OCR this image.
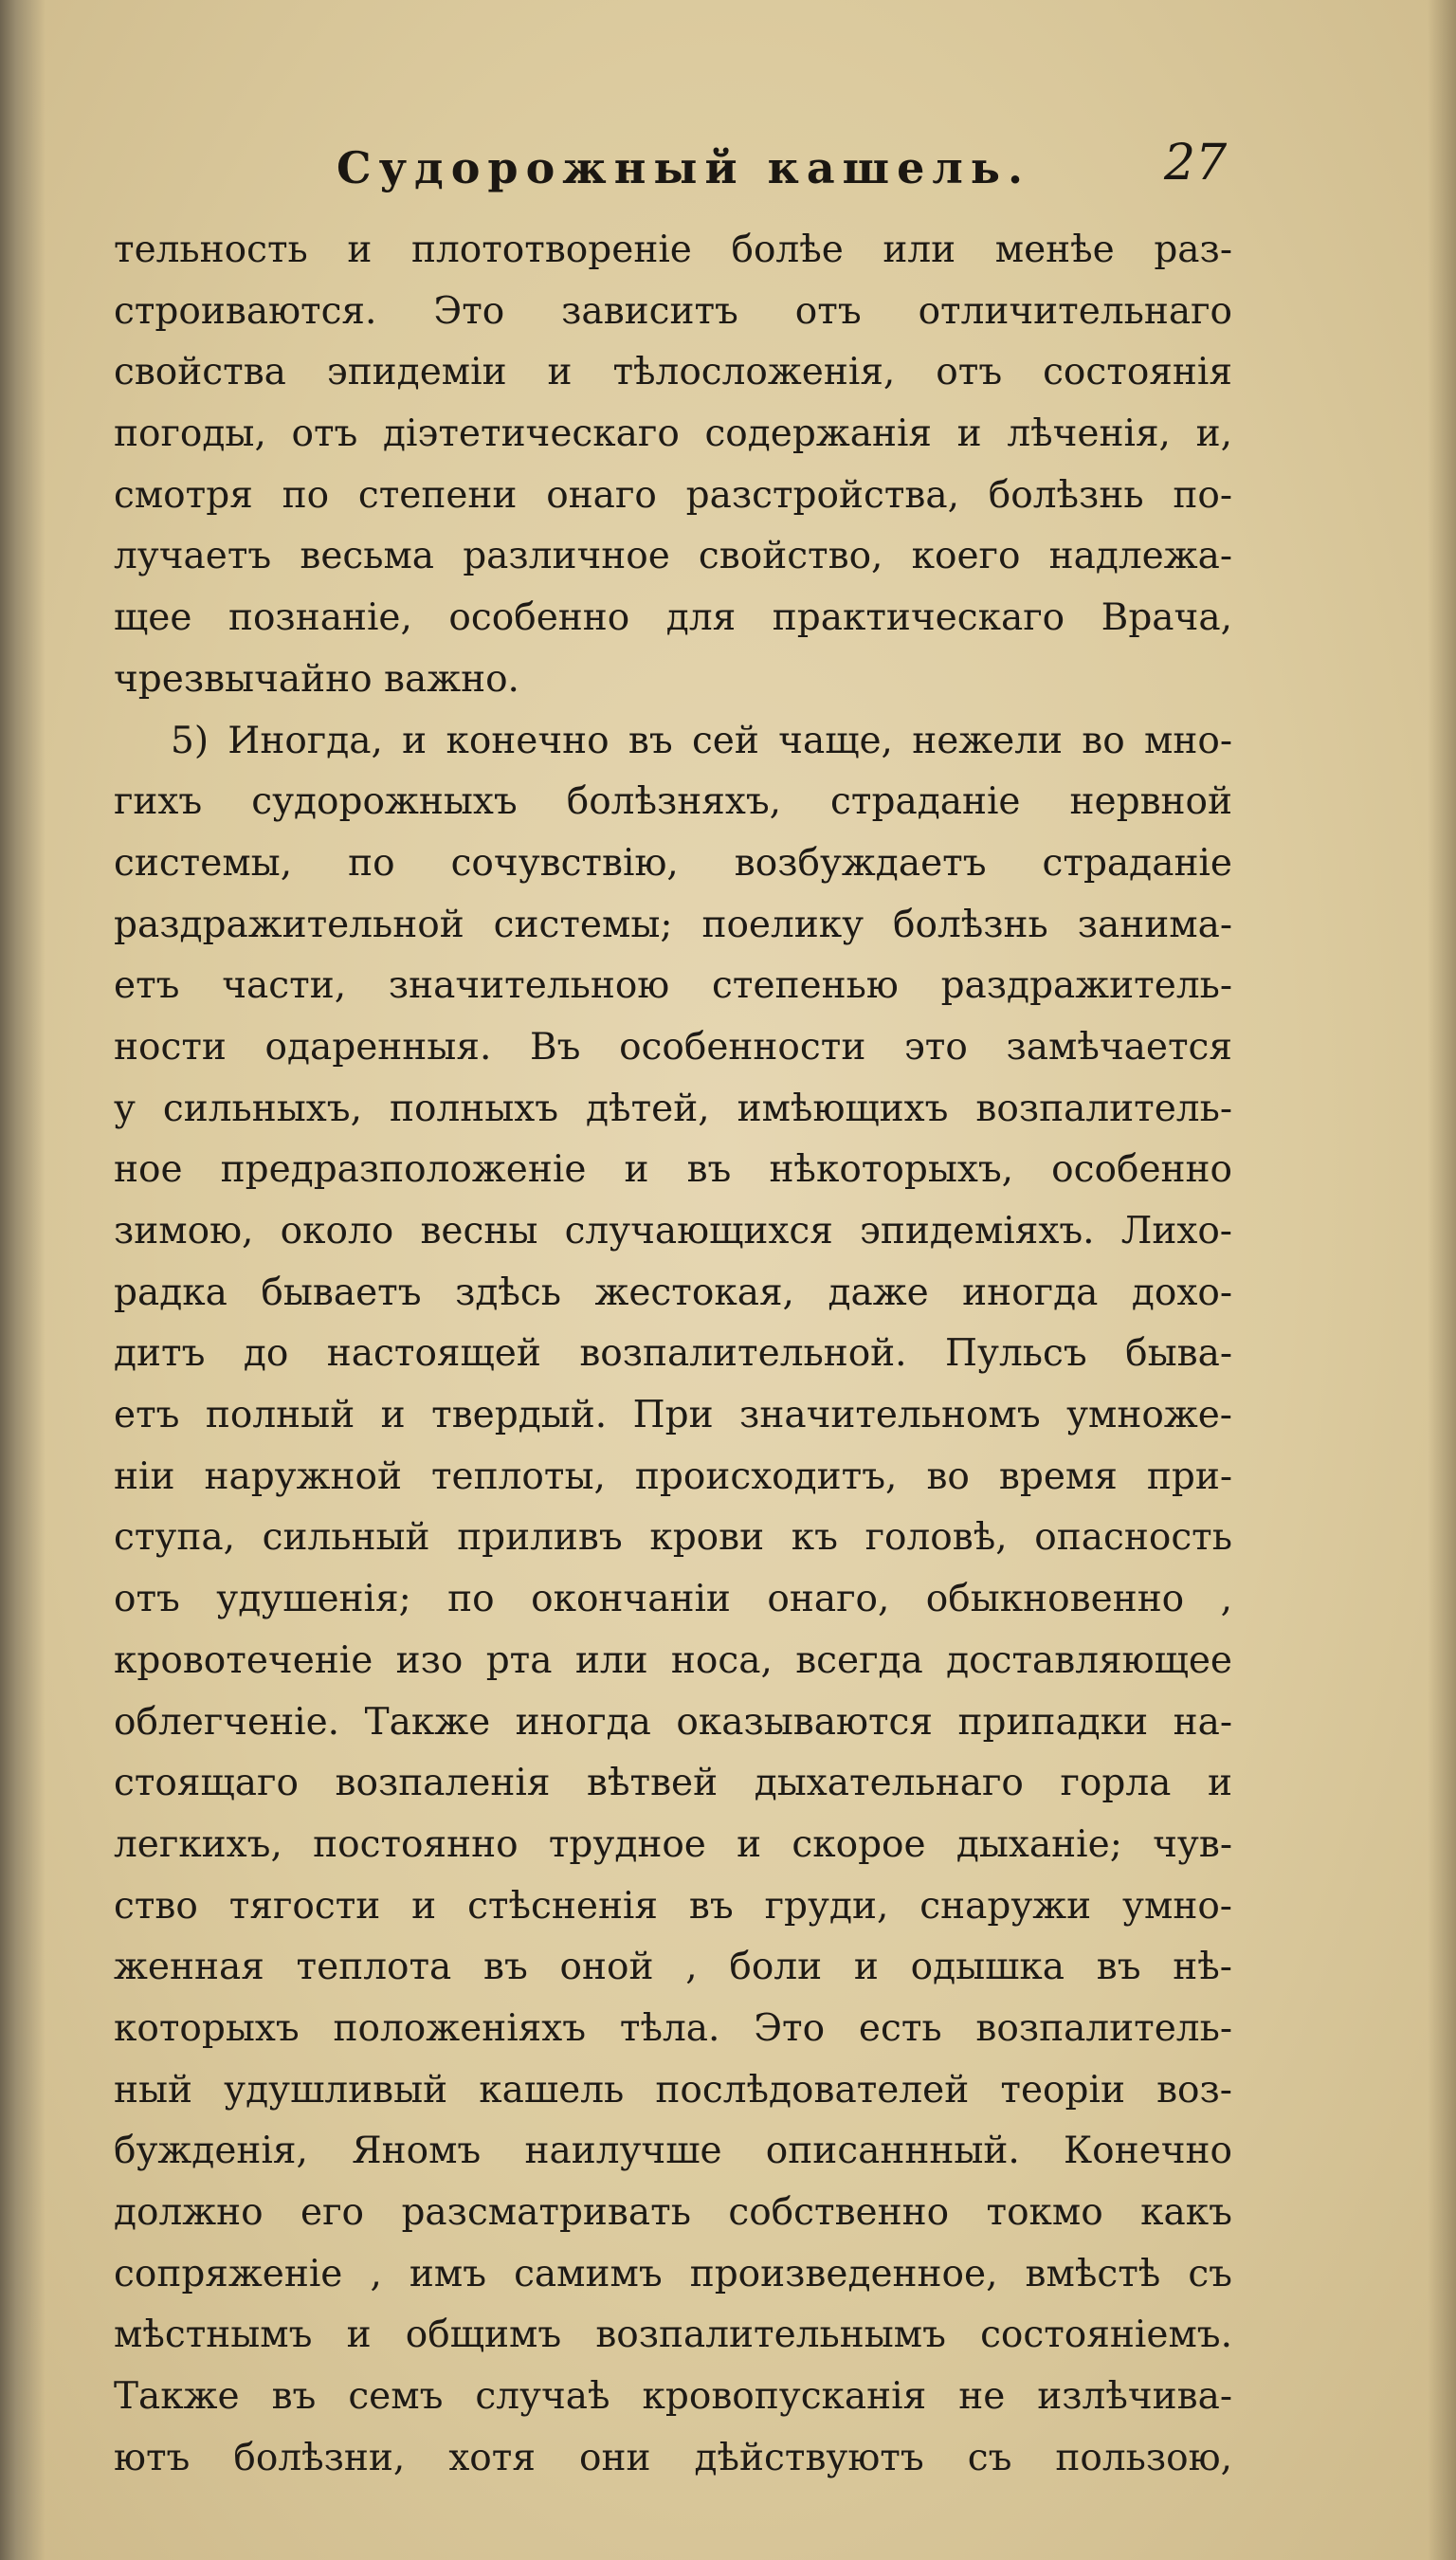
Судорожный кашель.	27
тельность и плототвореніе болѣе или менѣе раз-
строиваются. Это зависитъ отъ отличительнаго
свойства эпидеміи и тѣлосложенія, отъ состоянія
погоды, отъ діэтетическаго содержанія и лѣченія, и,
смотря по степени онаго разстройства, болѣзнь по-
лучаетъ весьма различное свойство, коего надлежа-
щее познаніе, особенно для практическаго Врача,
чрезвычайно важно.
5) Иногда, и конечно въ сей чаще, нежели во мно-
гихъ судорожныхъ болѣзняхъ, страданіе нервной
системы, по сочувствію, возбуждаетъ страданіе
раздражительной системы; поелику болѣзнь занима-
етъ части, значительною степенью раздражитель-
ности одаренныя. Въ особенности это замѣчается
у сильныхъ, полныхъ дѣтей, имѣющихъ возпалитель-
ное предразположеніе и въ нѣкоторыхъ, особенно
зимою, около весны случающихся эпидеміяхъ. Лихо-
радка бываетъ здѣсь жестокая, даже иногда дохо-
дитъ до настоящей возпалительной. Пульсъ быва-
етъ полный и твердый. При значительномъ умноже-
ніи наружной теплоты, происходитъ, во время при-
ступа, сильный приливъ крови къ головѣ, опасность
отъ удушенія; по окончаніи онаго, обыкновенно ,
кровотеченіе изо рта или носа, всегда доставляющее
облегченіе. Также иногда оказываются припадки на-
стоящаго возпаленія вѣтвей дыхательнаго горла и
легкихъ, постоянно трудное и скорое дыханіе; чув-
ство тягости и стѣсненія въ груди, снаружи умно-
женная теплота въ оной , боли и одышка въ нѣ-
которыхъ положеніяхъ тѣла. Это есть возпалитель-
ный удушливый кашель послѣдователей теоріи воз-
бужденія, Яномъ наилучше описаннный. Конечно
должно его разсматривать собственно токмо какъ
сопряженіе , имъ самимъ произведенное, вмѣстѣ съ
мѣстнымъ и общимъ возпалительнымъ состояніемъ.
Также въ семъ случаѣ кровопусканія не излѣчива-
ютъ болѣзни, хотя они дѣйствуютъ съ пользою,
